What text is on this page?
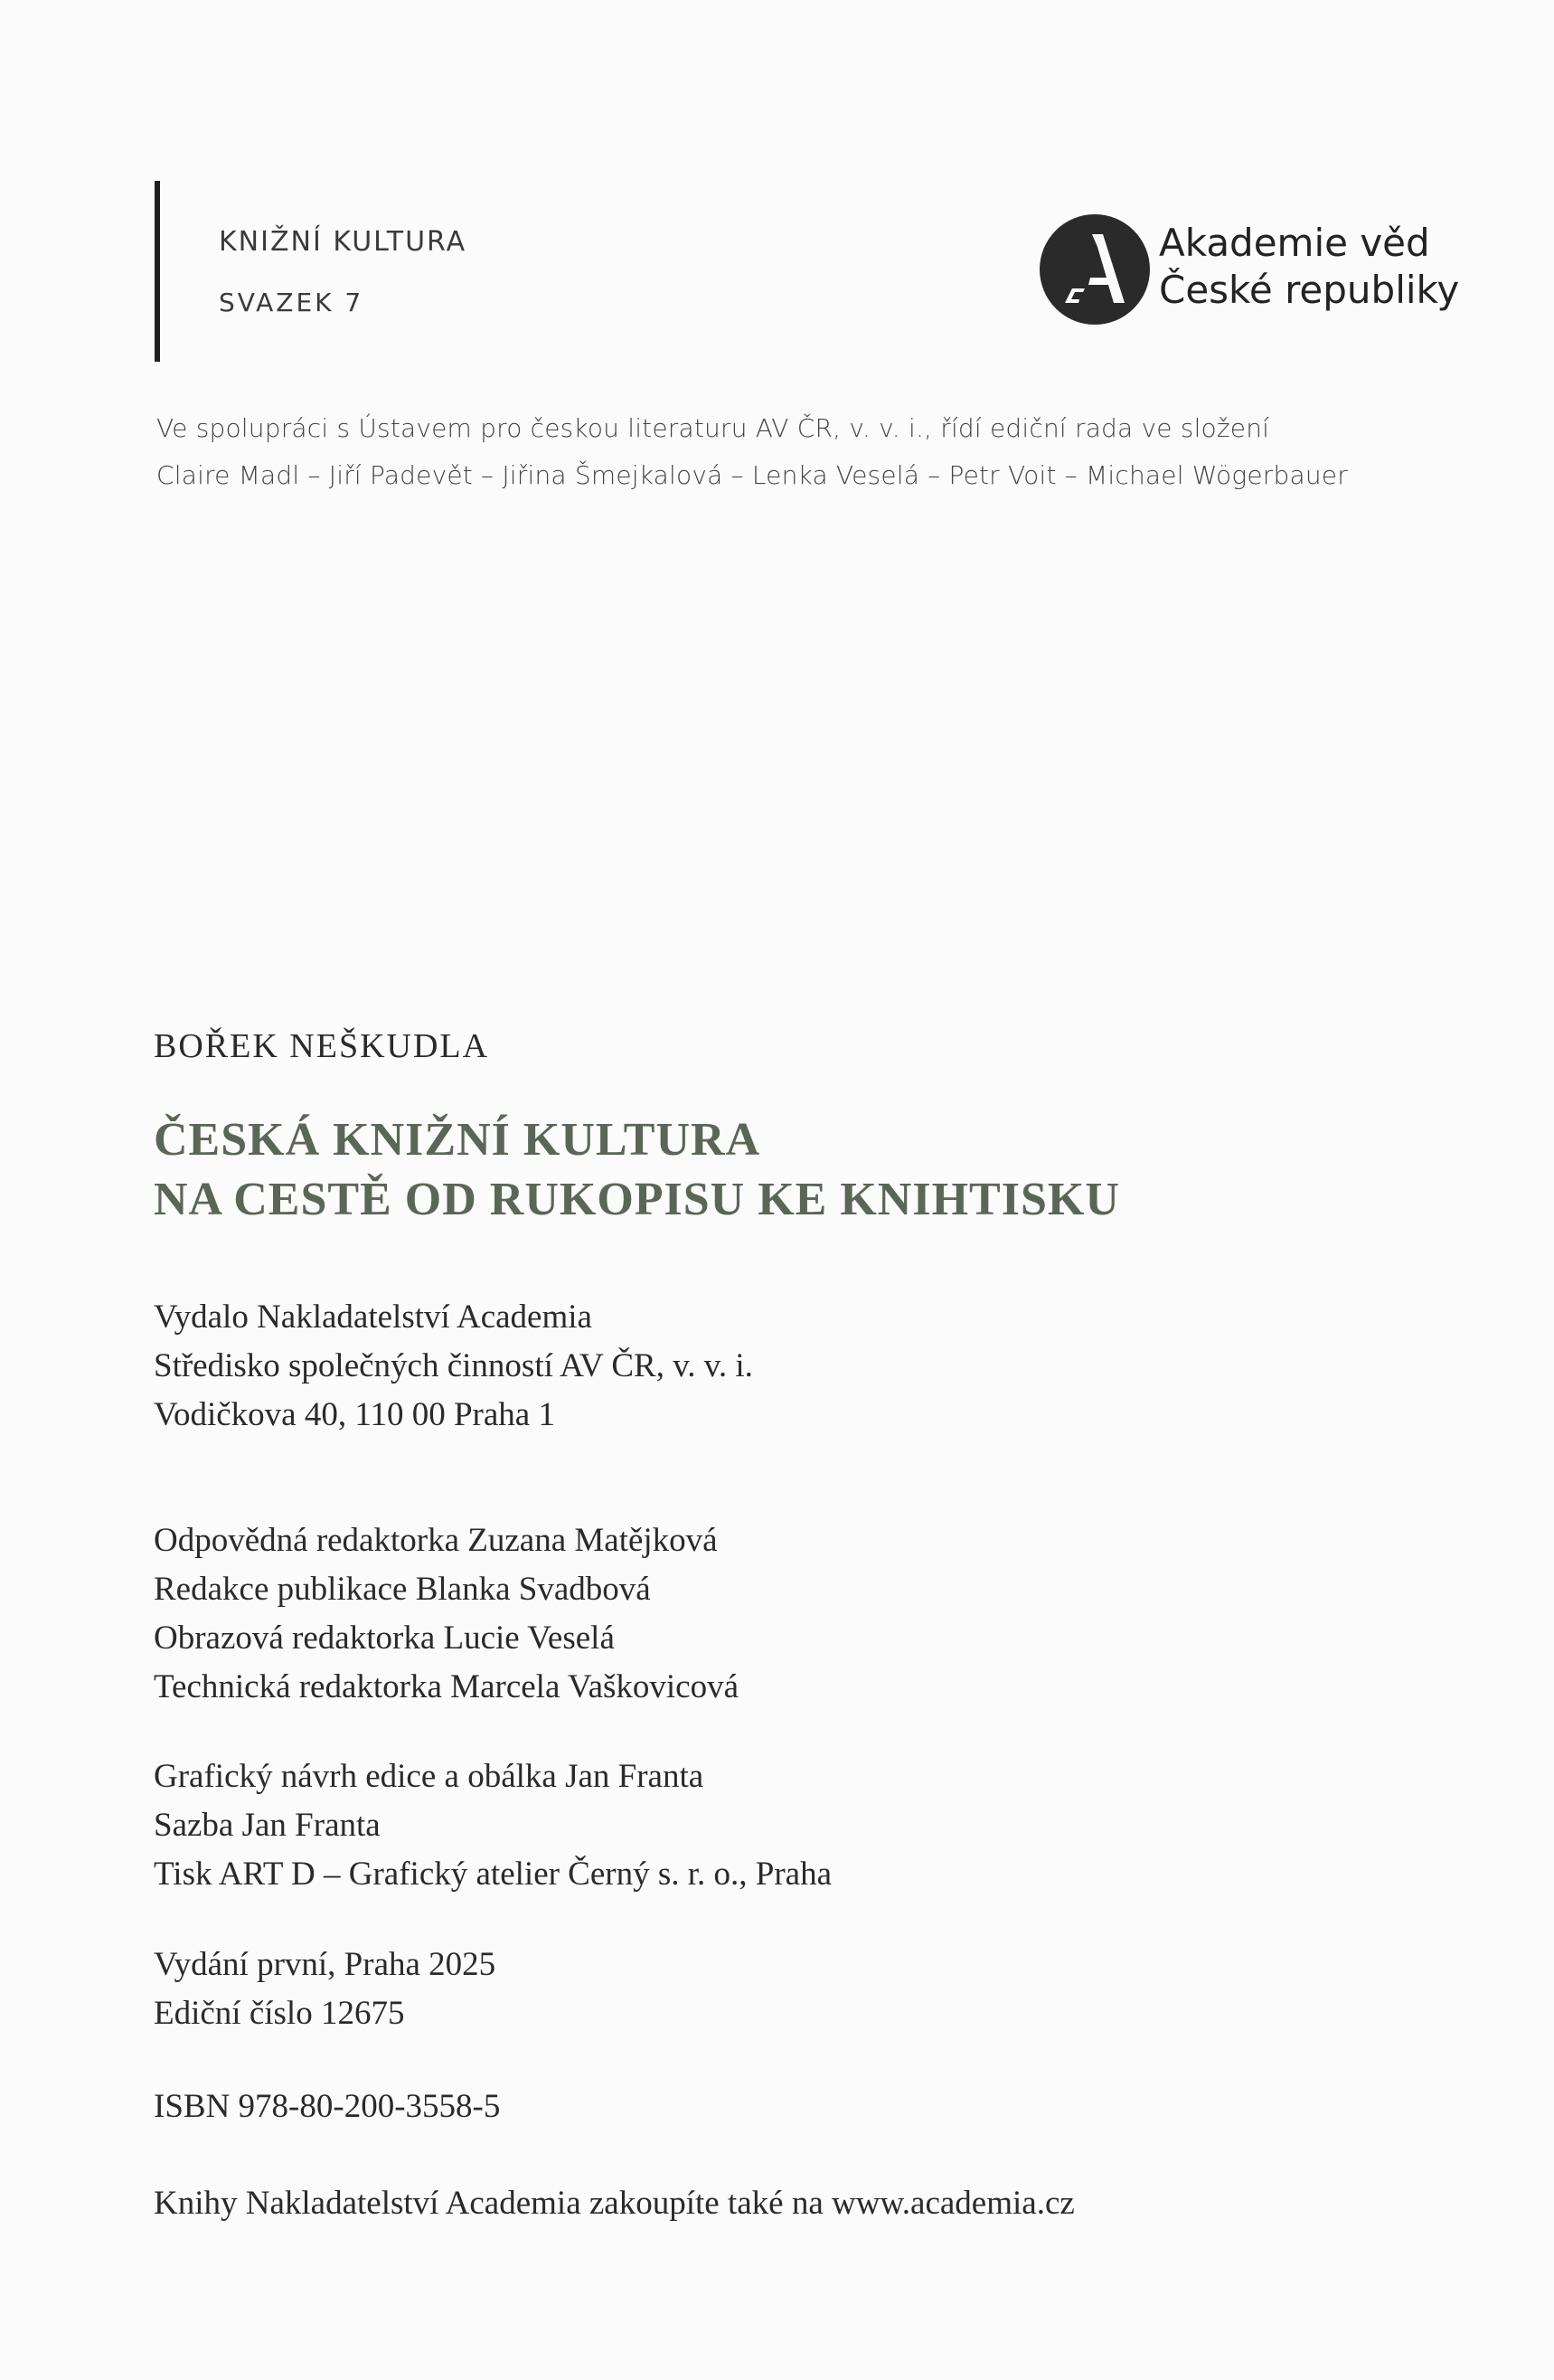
KNIŽNÍ KULTURA
SVAZEK 7
Akademie věd
České republiky
Ve spolupráci s Ústavem pro českou literaturu AV ČR, v. v. i., řídí ediční rada ve složení
Claire Madl – Jiří Padevět – Jiřina Šmejkalová – Lenka Veselá – Petr Voit – Michael Wögerbauer
BOŘEK NEŠKUDLA
ČESKÁ KNIŽNÍ KULTURA
NA CESTĚ OD RUKOPISU KE KNIHTISKU
Vydalo Nakladatelství Academia
Středisko společných činností AV ČR, v. v. i.
Vodičkova 40, 110 00 Praha 1
Odpovědná redaktorka Zuzana Matějková
Redakce publikace Blanka Svadbová
Obrazová redaktorka Lucie Veselá
Technická redaktorka Marcela Vaškovicová
Grafický návrh edice a obálka Jan Franta
Sazba Jan Franta
Tisk ART D – Grafický atelier Černý s. r. o., Praha
Vydání první, Praha 2025
Ediční číslo 12675
ISBN 978-80-200-3558-5
Knihy Nakladatelství Academia zakoupíte také na www.academia.cz
